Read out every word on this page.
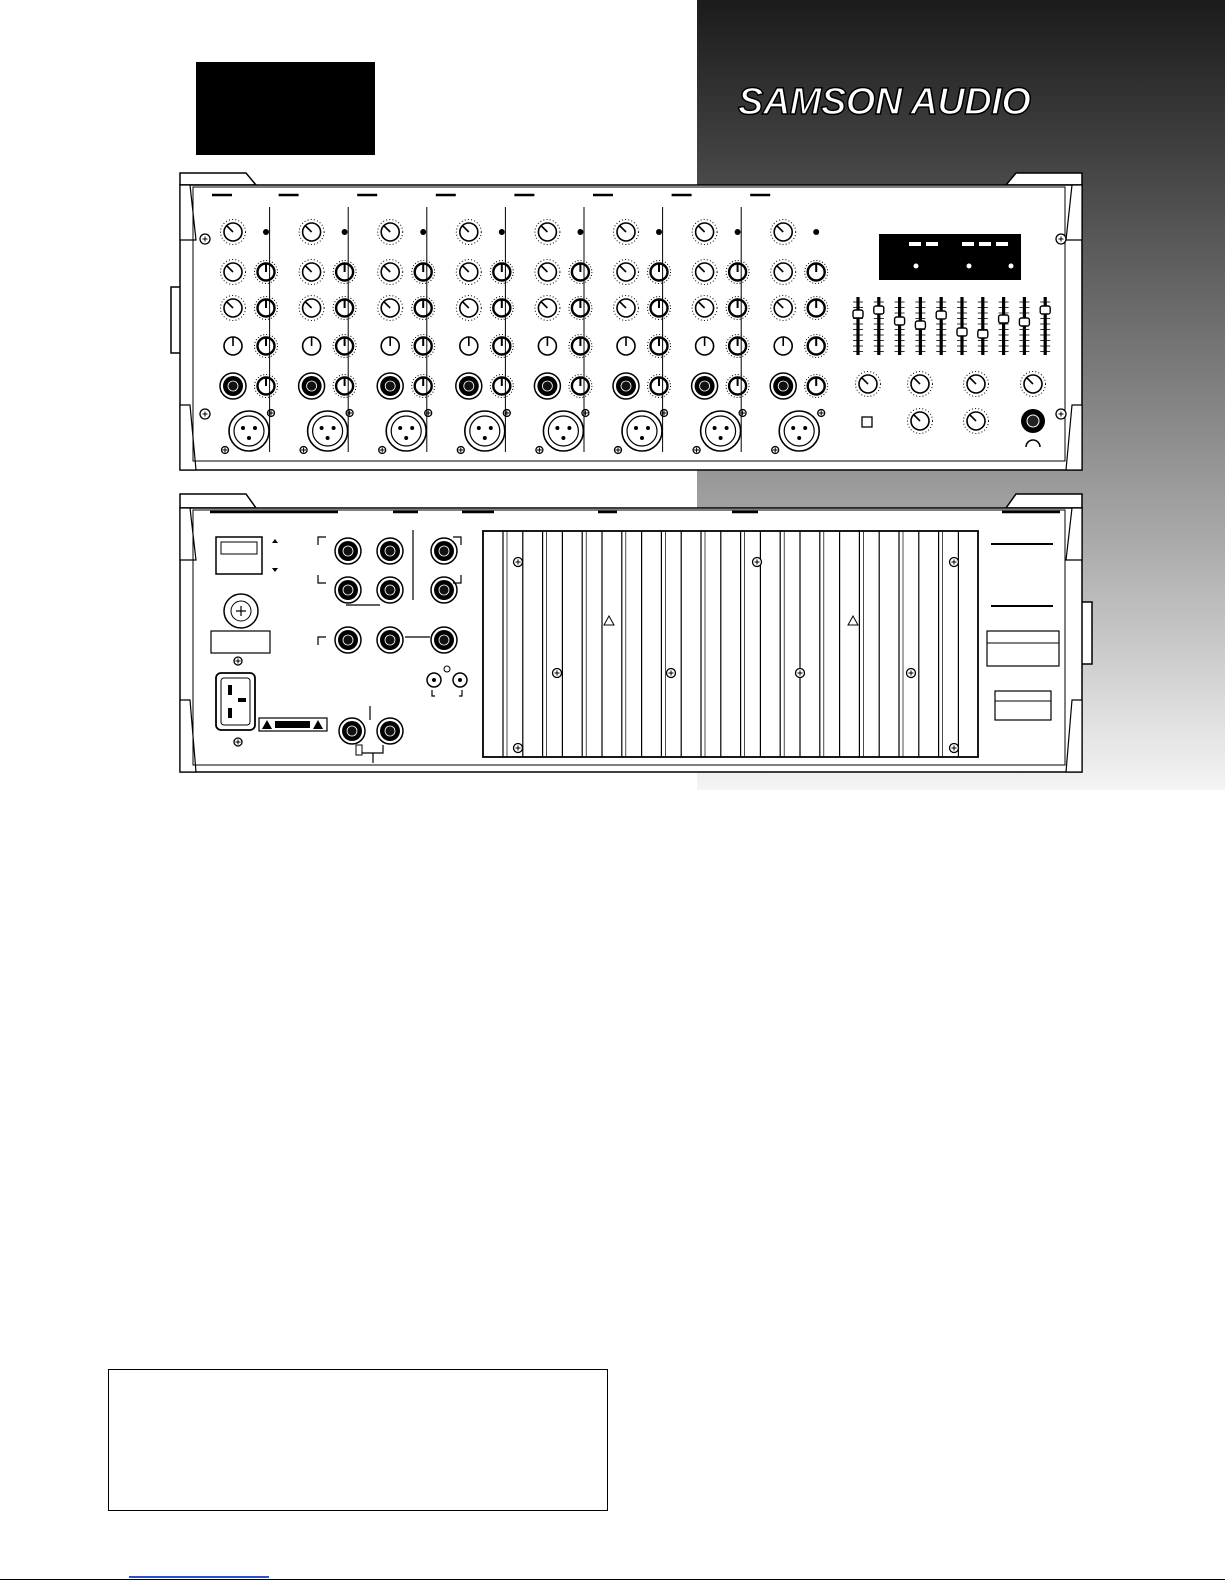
SAMSON AUDIO
